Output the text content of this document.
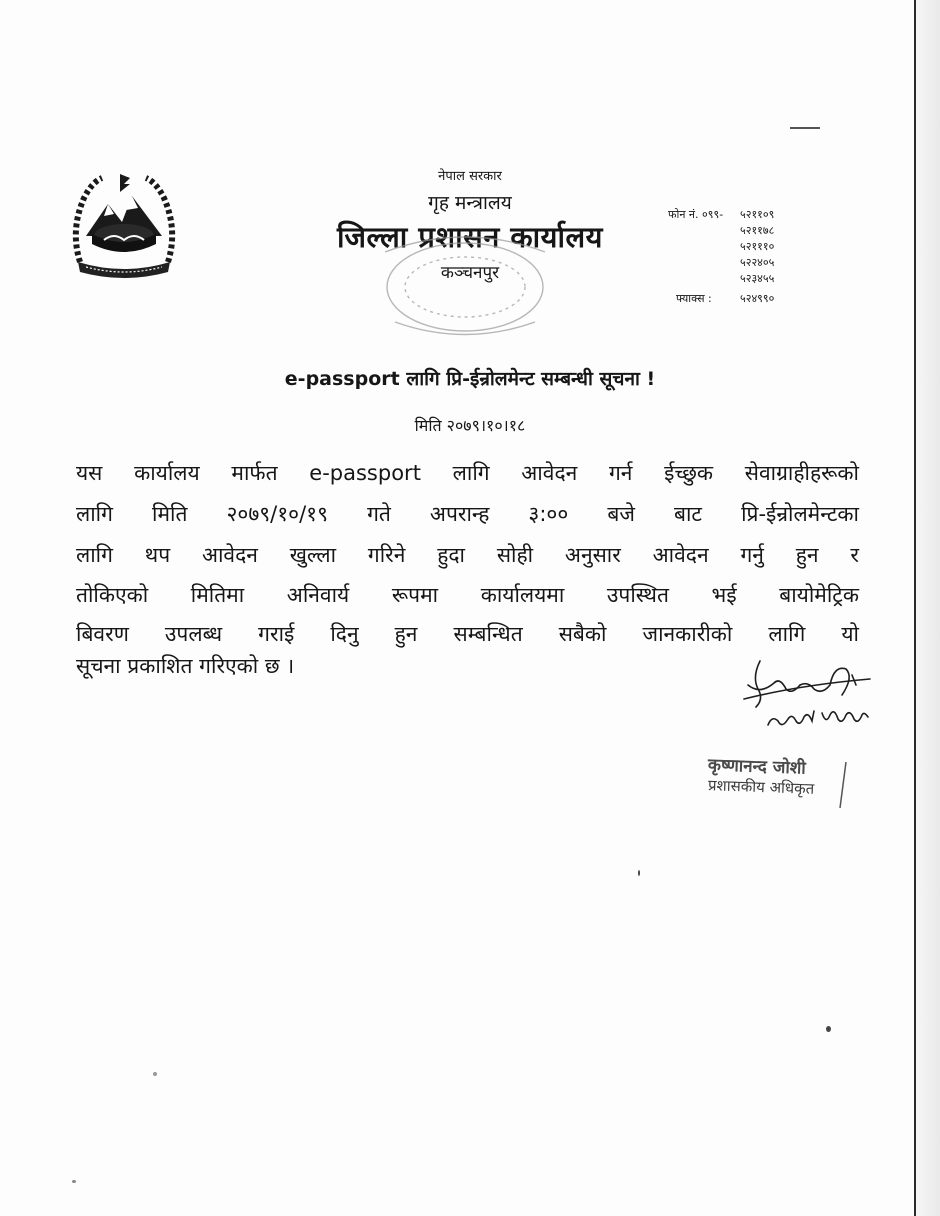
नेपाल सरकार
गृह मन्त्रालय
जिल्ला प्रशासन कार्यालय
कञ्चनपुर
फोन नं. ०९९- ५२११०९
५२११७८
५२१११०
५२२४०५
५२३४५५
फ्याक्स :	५२४९९०
e-passport लागि प्रि-ईन्रोलमेन्ट सम्बन्धी सूचना !
मिति २०७९।१०।१८
यस कार्यालय मार्फत e-passport लागि आवेदन गर्न ईच्छुक सेवाग्राहीहरूको
लागि मिति २०७९/१०/१९ गते अपरान्ह ३:०० बजे बाट प्रि-ईन्रोलमेन्टका
लागि थप आवेदन खुल्ला गरिने हुदा सोही अनुसार आवेदन गर्नु हुन र
तोकिएको मितिमा अनिवार्य रूपमा कार्यालयमा उपस्थित भई बायोमेट्रिक
बिवरण उपलब्ध गराई दिनु हुन सम्बन्धित सबैको जानकारीको लागि यो
सूचना प्रकाशित गरिएको छ ।
कृष्णानन्द जोशी
प्रशासकीय अधिकृत
